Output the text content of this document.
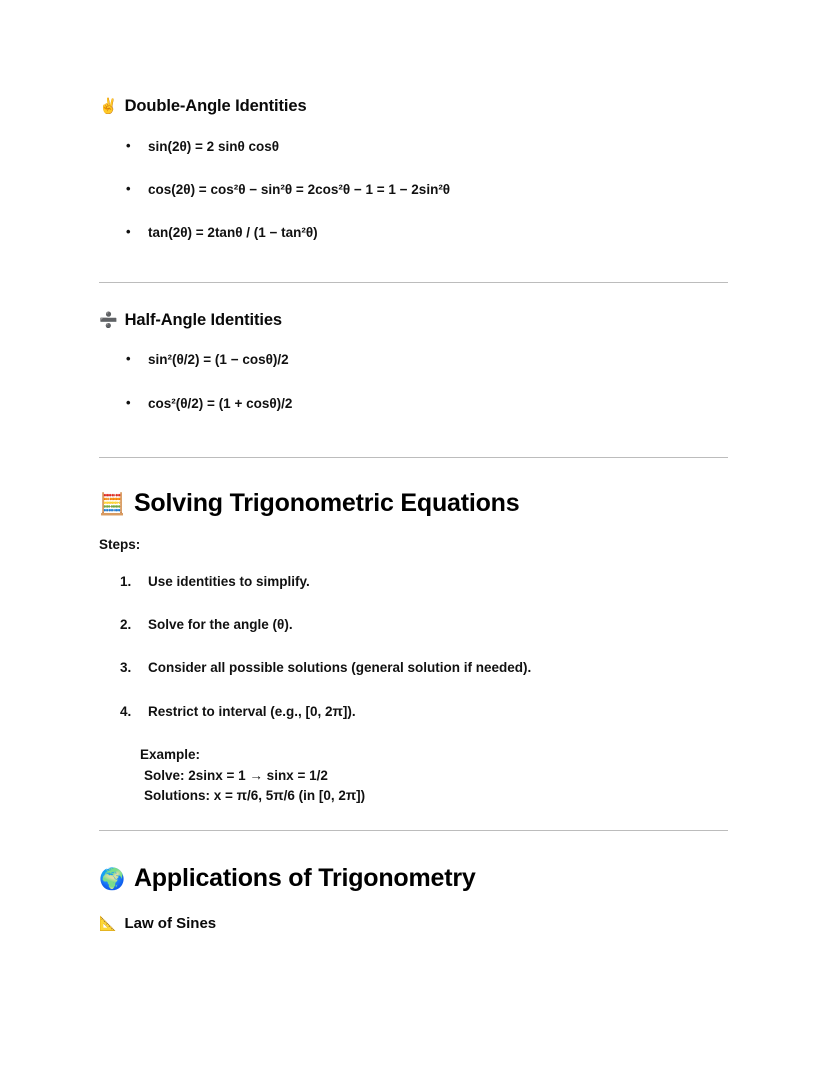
✌️ Double-Angle Identities
• sin(2θ) = 2 sinθ cosθ
• cos(2θ) = cos²θ − sin²θ = 2cos²θ − 1 = 1 − 2sin²θ
• tan(2θ) = 2tanθ / (1 − tan²θ)
➗ Half-Angle Identities
• sin²(θ/2) = (1 − cosθ)/2
• cos²(θ/2) = (1 + cosθ)/2
🧮 Solving Trigonometric Equations
Steps:
1. Use identities to simplify.
2. Solve for the angle (θ).
3. Consider all possible solutions (general solution if needed).
4. Restrict to interval (e.g., [0, 2π]).
Example:
Solve: 2sinx = 1 → sinx = 1/2
Solutions: x = π/6, 5π/6 (in [0, 2π])
🌍 Applications of Trigonometry
📐 Law of Sines
